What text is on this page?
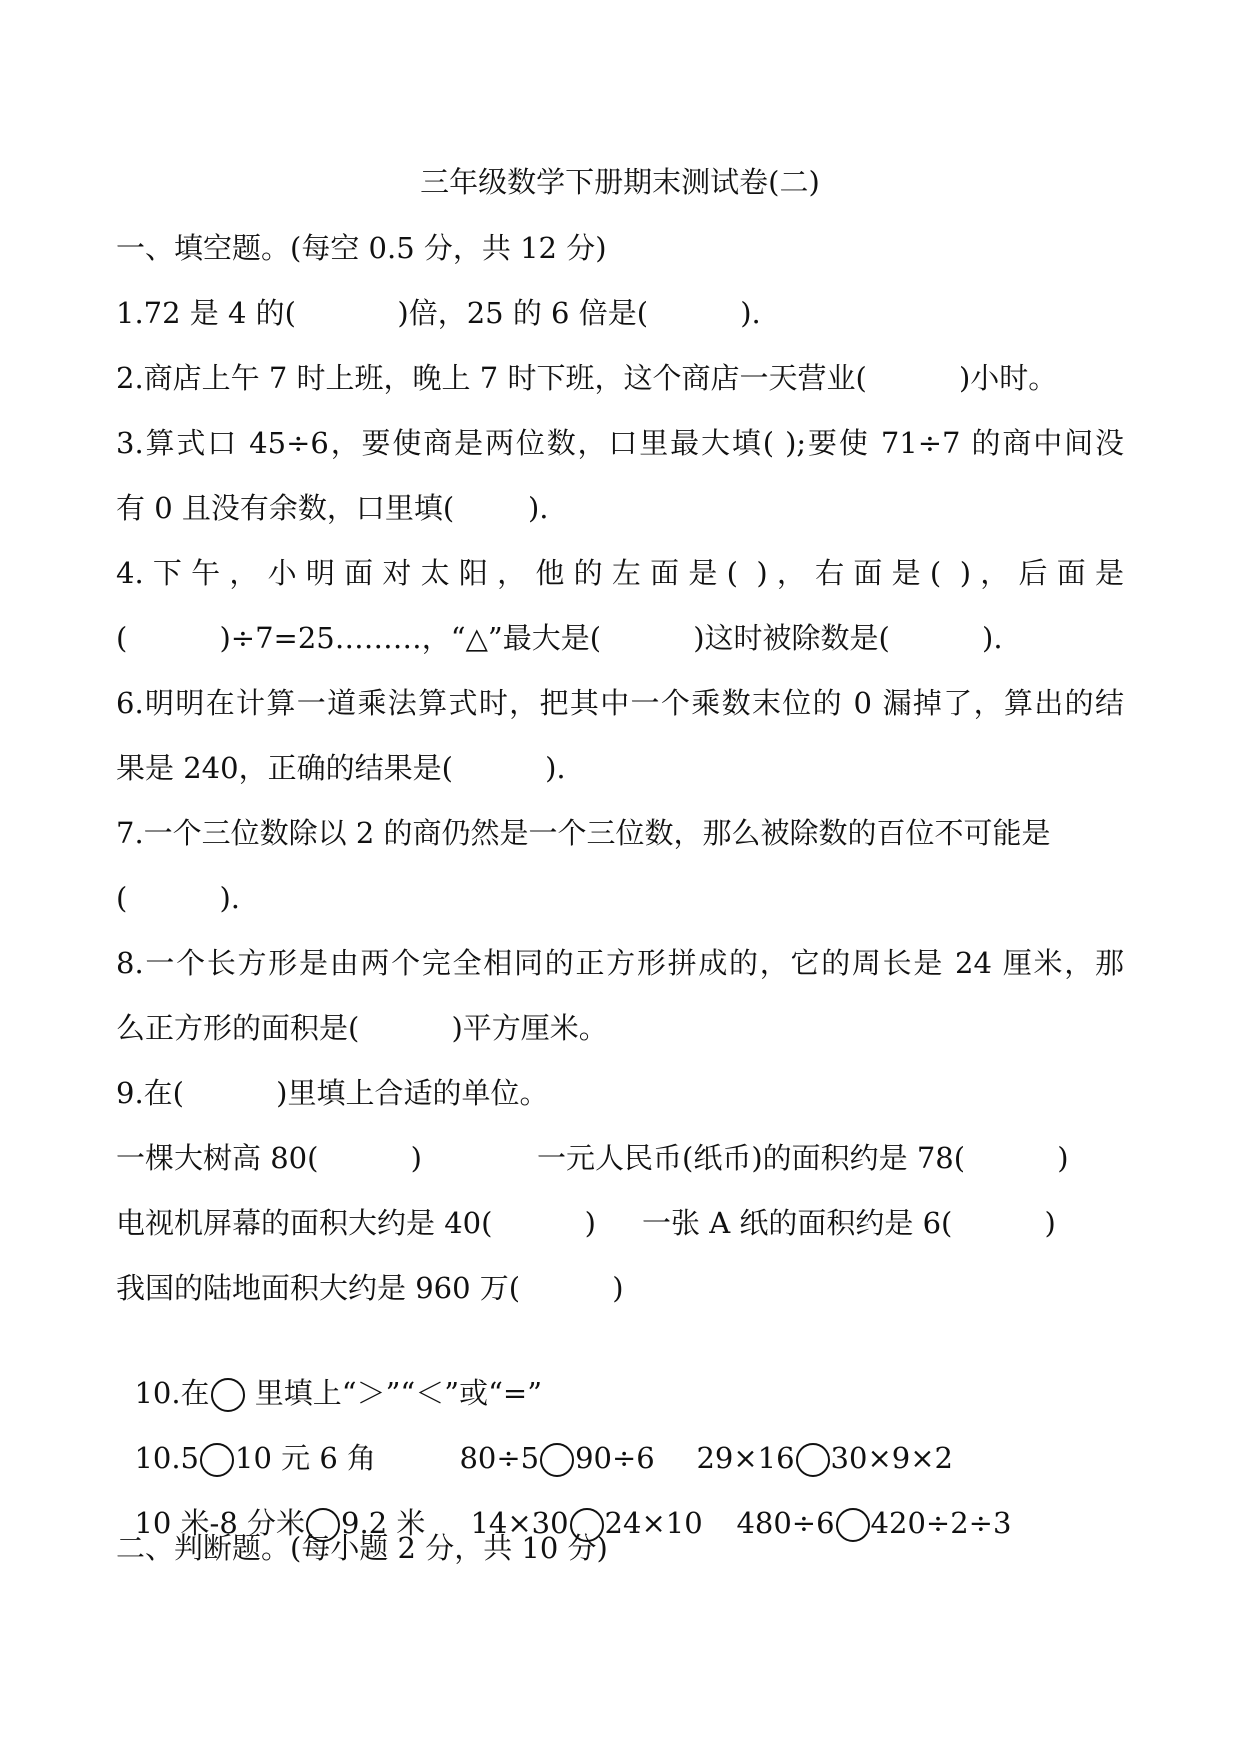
三年级数学下册期末测试卷(二)
一、填空题。(每空 0.5 分，共 12 分)
1.72 是 4 的(           )倍，25 的 6 倍是(          ).
2.商店上午 7 时上班，晚上 7 时下班，这个商店一天营业(          )小时。
3.算式口 45÷6，要使商是两位数，口里最大填( );要使 71÷7 的商中间没
有 0 且没有余数，口里填(        ).
4.下午，小明面对太阳，他的左面是( )，右面是( )，后面是
(          )÷7=25………，“△”最大是(          )这时被除数是(          ).
6.明明在计算一道乘法算式时，把其中一个乘数末位的 0 漏掉了，算出的结
果是 240，正确的结果是(          ).
7.一个三位数除以 2 的商仍然是一个三位数，那么被除数的百位不可能是
(          ).
8.一个长方形是由两个完全相同的正方形拼成的，它的周长是 24 厘米，那
么正方形的面积是(          )平方厘米。
9.在(          )里填上合适的单位。
一棵大树高 80(          )	一元人民币(纸币)的面积约是 78(          )
电视机屏幕的面积大约是 40(          ) 一张 A 纸的面积约是 6(          )
我国的陆地面积大约是 960 万(          )

10.在 里填上“＞”“＜”或“=”

10.5 10 元 6 角	80÷5 90÷6	29×16 30×9×2

10 米-8 分米 9.2 米	14×30 24×10	480÷6 420÷2÷3

二、判断题。(每小题 2 分，共 10 分)
